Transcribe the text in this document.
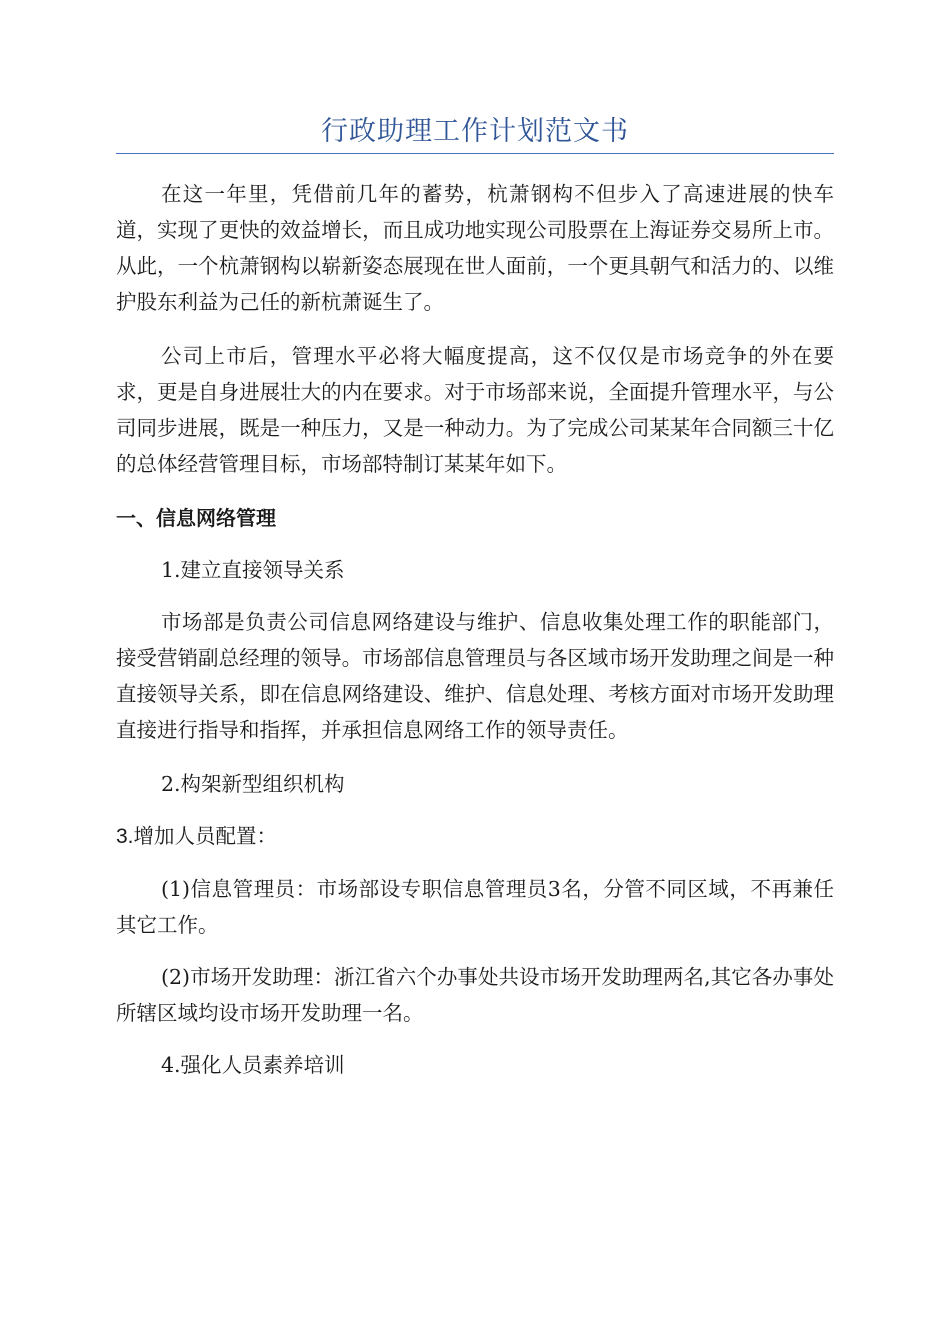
行政助理工作计划范文书

在这一年里，凭借前几年的蓄势，杭萧钢构不但步入了高速进展的快车道，实现了更快的效益增长，而且成功地实现公司股票在上海证券交易所上市。从此，一个杭萧钢构以崭新姿态展现在世人面前，一个更具朝气和活力的、以维护股东利益为己任的新杭萧诞生了。

公司上市后，管理水平必将大幅度提高，这不仅仅是市场竞争的外在要求，更是自身进展壮大的内在要求。对于市场部来说，全面提升管理水平，与公司同步进展，既是一种压力，又是一种动力。为了完成公司某某年合同额三十亿的总体经营管理目标，市场部特制订某某年如下。

一、信息网络管理

1.建立直接领导关系

市场部是负责公司信息网络建设与维护、信息收集处理工作的职能部门，接受营销副总经理的领导。市场部信息管理员与各区域市场开发助理之间是一种直接领导关系，即在信息网络建设、维护、信息处理、考核方面对市场开发助理直接进行指导和指挥，并承担信息网络工作的领导责任。

2.构架新型组织机构

3.增加人员配置：

(1)信息管理员：市场部设专职信息管理员3名，分管不同区域，不再兼任其它工作。

(2)市场开发助理：浙江省六个办事处共设市场开发助理两名,其它各办事处所辖区域均设市场开发助理一名。

4.强化人员素养培训
